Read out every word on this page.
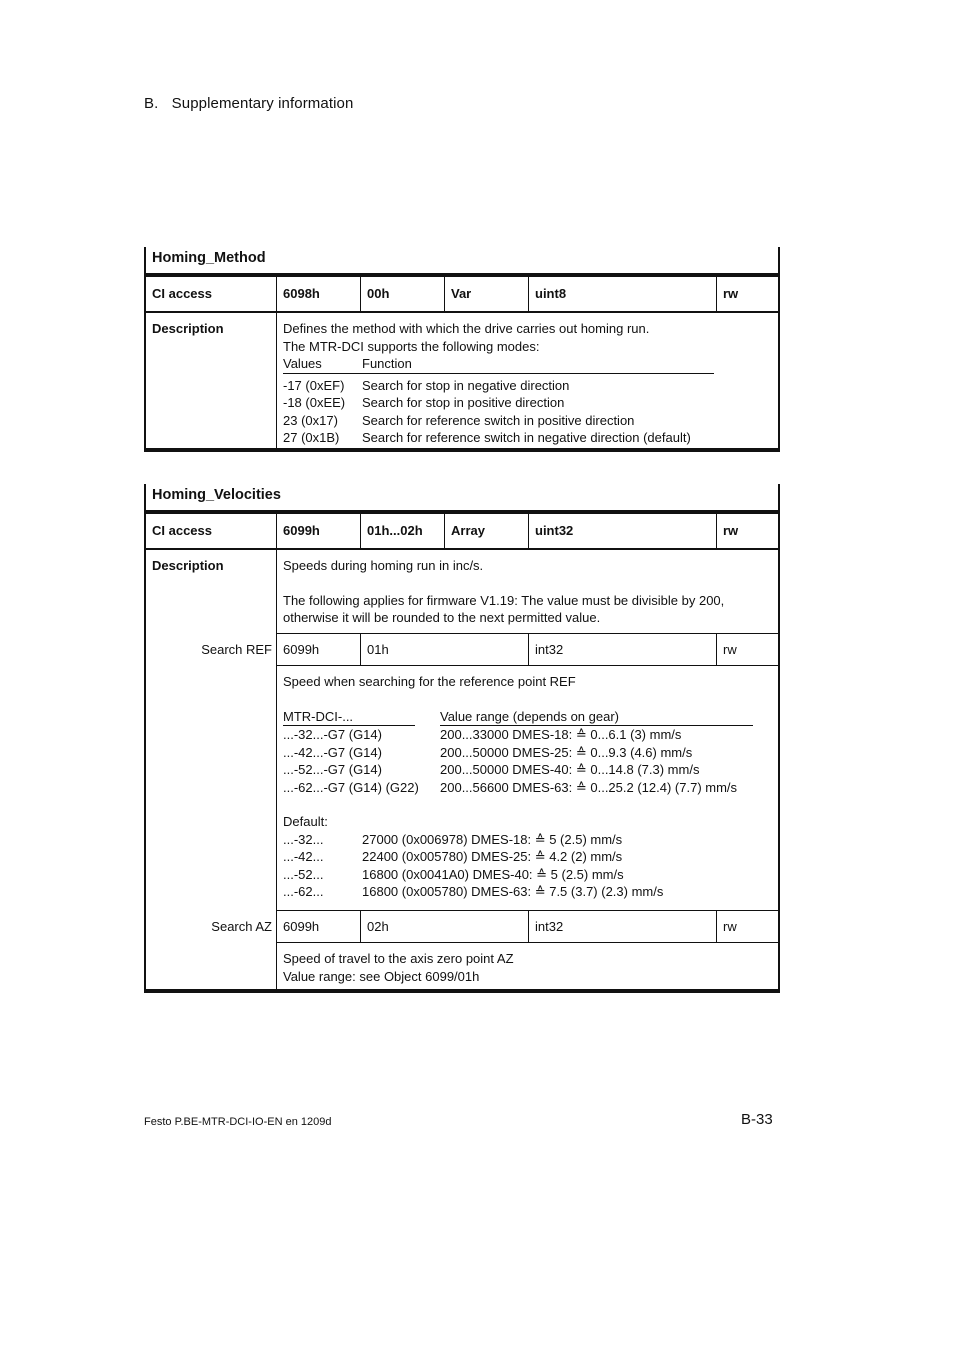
B. Supplementary information
Homing_Method
CI access	6098h	00h	Var	uint8	rw
Description	Defines the method with which the drive carries out homing run.
The MTR-DCI supports the following modes:
Values	Function
-17 (0xEF)	Search for stop in negative direction
-18 (0xEE)	Search for stop in positive direction
23 (0x17)	Search for reference switch in positive direction
27 (0x1B)	Search for reference switch in negative direction (default)
Homing_Velocities
CI access	6099h	01h...02h	Array	uint32	rw
Description	Speeds during homing run in inc/s.
The following applies for firmware V1.19: The value must be divisible by 200,
otherwise it will be rounded to the next permitted value.
Search REF 6099h	01h	int32	rw
Speed when searching for the reference point REF
MTR-DCI-...	Value range (depends on gear)
...-32...-G7 (G14)	200...33000 DMES-18: ≙ 0...6.1 (3) mm/s
...-42...-G7 (G14)	200...50000 DMES-25: ≙ 0...9.3 (4.6) mm/s
...-52...-G7 (G14)	200...50000 DMES-40: ≙ 0...14.8 (7.3) mm/s
...-62...-G7 (G14) (G22)	200...56600 DMES-63: ≙ 0...25.2 (12.4) (7.7) mm/s
Default:
...-32...	27000 (0x006978) DMES-18: ≙ 5 (2.5) mm/s
...-42...	22400 (0x005780) DMES-25: ≙ 4.2 (2) mm/s
...-52...	16800 (0x0041A0) DMES-40: ≙ 5 (2.5) mm/s
...-62...	16800 (0x005780) DMES-63: ≙ 7.5 (3.7) (2.3) mm/s
Search AZ 6099h	02h	int32	rw
Speed of travel to the axis zero point AZ
Value range: see Object 6099/01h
Festo P.BE-MTR-DCI-IO-EN en 1209d	B-33
